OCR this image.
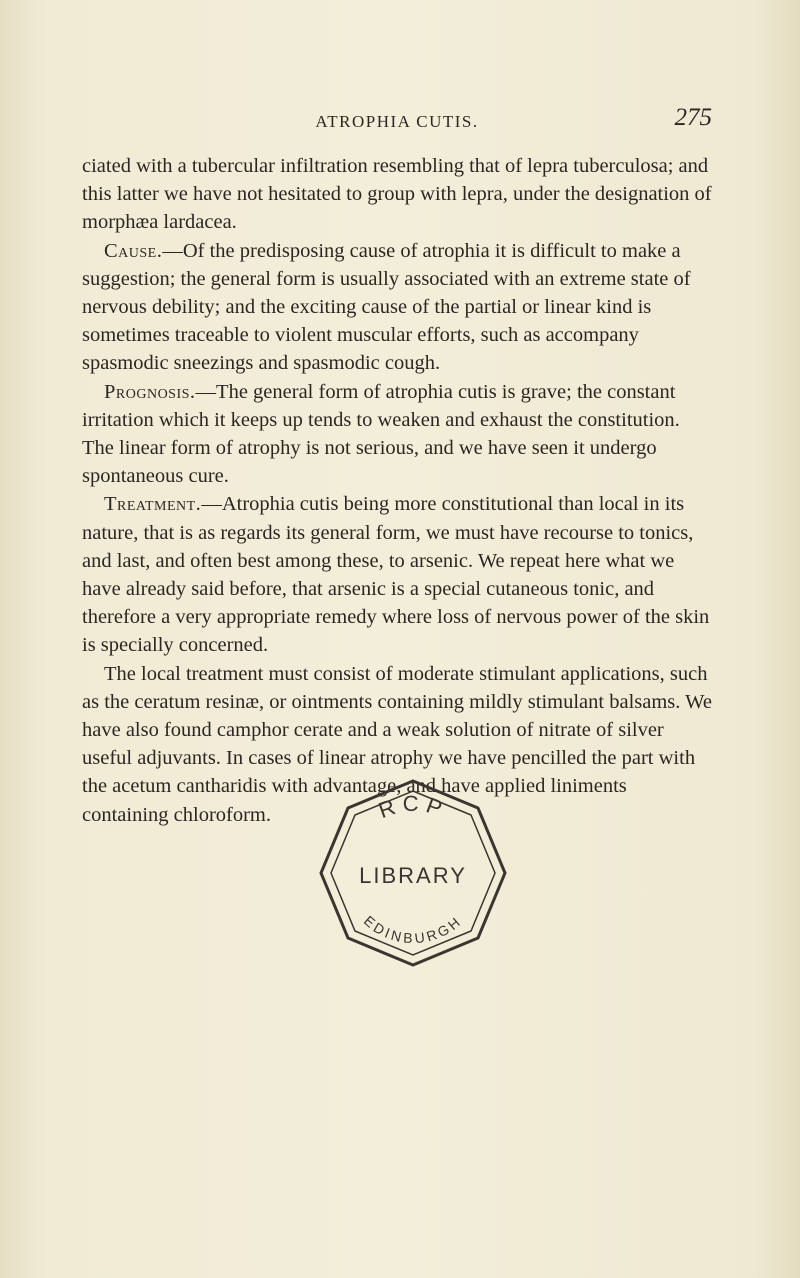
ATROPHIA CUTIS.	275

ciated with a tubercular infiltration resembling that of lepra tuberculosa; and this latter we have not hesitated to group with lepra, under the designation of morphæa lardacea.

Cause.—Of the predisposing cause of atrophia it is difficult to make a suggestion; the general form is usually associated with an extreme state of nervous debility; and the exciting cause of the partial or linear kind is sometimes traceable to violent muscular efforts, such as accompany spasmodic sneezings and spasmodic cough.

Prognosis.—The general form of atrophia cutis is grave; the constant irritation which it keeps up tends to weaken and exhaust the constitution. The linear form of atrophy is not serious, and we have seen it undergo spontaneous cure.

Treatment.—Atrophia cutis being more constitutional than local in its nature, that is as regards its general form, we must have recourse to tonics, and last, and often best among these, to arsenic. We repeat here what we have already said before, that arsenic is a special cutaneous tonic, and therefore a very appropriate remedy where loss of nervous power of the skin is specially concerned.

The local treatment must consist of moderate stimulant applications, such as the ceratum resinæ, or ointments containing mildly stimulant balsams. We have also found camphor cerate and a weak solution of nitrate of silver useful adjuvants. In cases of linear atrophy we have pencilled the part with the acetum cantharidis with advantage, and have applied liniments containing chloroform.	RCP
LIBRARY
EDINBURGH
